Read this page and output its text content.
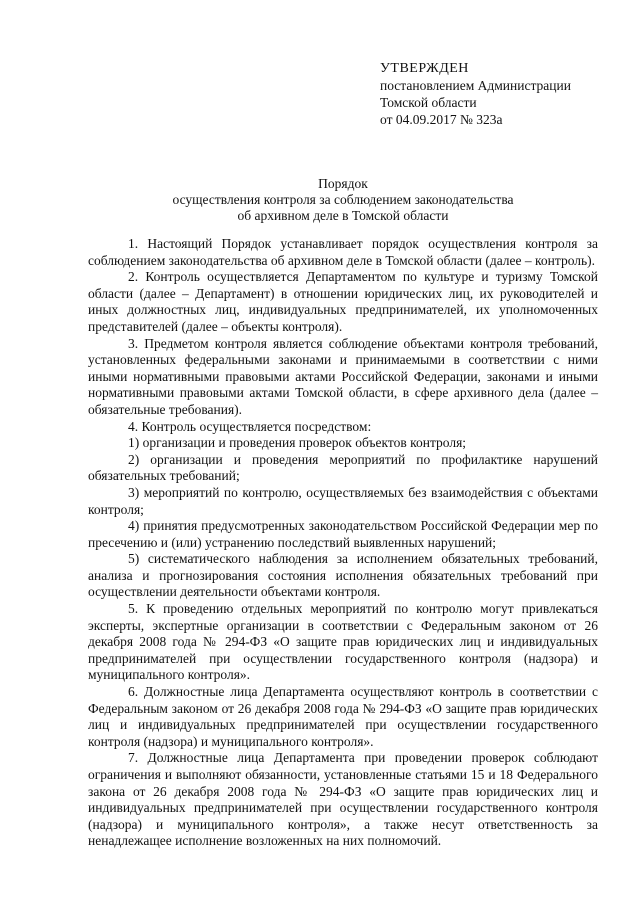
УТВЕРЖДЕН
постановлением Администрации
Томской области
от 04.09.2017 № 323а
Порядок
осуществления контроля за соблюдением законодательства
об архивном деле в Томской области

1. Настоящий Порядок устанавливает порядок осуществления контроля за соблюдением законодательства об архивном деле в Томской области (далее – контроль).

2. Контроль осуществляется Департаментом по культуре и туризму Томской области (далее – Департамент) в отношении юридических лиц, их руководителей и иных должностных лиц, индивидуальных предпринимателей, их уполномоченных представителей (далее – объекты контроля).

3. Предметом контроля является соблюдение объектами контроля требований, установленных федеральными законами и принимаемыми в соответствии с ними иными нормативными правовыми актами Российской Федерации, законами и иными нормативными правовыми актами Томской области, в сфере архивного дела (далее – обязательные требования).

4. Контроль осуществляется посредством:

1) организации и проведения проверок объектов контроля;

2) организации и проведения мероприятий по профилактике нарушений обязательных требований;

3) мероприятий по контролю, осуществляемых без взаимодействия с объектами контроля;

4) принятия предусмотренных законодательством Российской Федерации мер по пресечению и (или) устранению последствий выявленных нарушений;

5) систематического наблюдения за исполнением обязательных требований, анализа и прогнозирования состояния исполнения обязательных требований при осуществлении деятельности объектами контроля.

5. К проведению отдельных мероприятий по контролю могут привлекаться эксперты, экспертные организации в соответствии с Федеральным законом от 26 декабря 2008 года № 294-ФЗ «О защите прав юридических лиц и индивидуальных предпринимателей при осуществлении государственного контроля (надзора) и муниципального контроля».

6. Должностные лица Департамента осуществляют контроль в соответствии с Федеральным законом от 26 декабря 2008 года № 294-ФЗ «О защите прав юридических лиц и индивидуальных предпринимателей при осуществлении государственного контроля (надзора) и муниципального контроля».

7. Должностные лица Департамента при проведении проверок соблюдают ограничения и выполняют обязанности, установленные статьями 15 и 18 Федерального закона от 26 декабря 2008 года № 294-ФЗ «О защите прав юридических лиц и индивидуальных предпринимателей при осуществлении государственного контроля (надзора) и муниципального контроля», а также несут ответственность за ненадлежащее исполнение возложенных на них полномочий.
